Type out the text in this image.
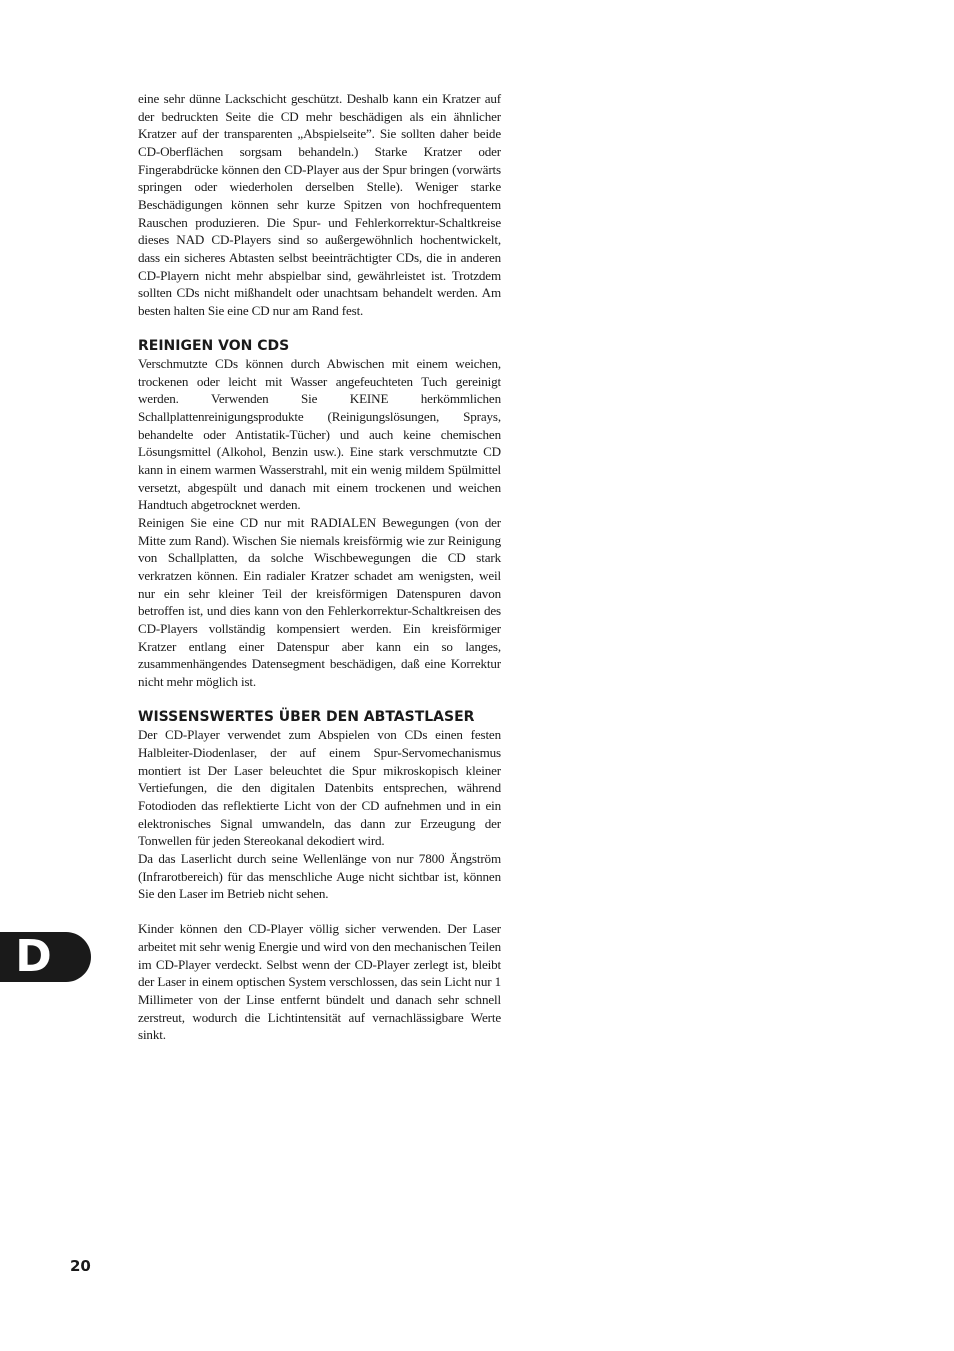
eine sehr dünne Lackschicht geschützt. Deshalb kann ein Kratzer auf der bedruckten Seite die CD mehr beschädigen als ein ähnlicher Kratzer auf der transparenten „Abspielseite”. Sie sollten daher beide CD-Oberflächen sorgsam behandeln.) Starke Kratzer oder Fingerabdrücke können den CD-Player aus der Spur bringen (vorwärts springen oder wiederholen derselben Stelle). Weniger starke Beschädigungen können sehr kurze Spitzen von hochfrequentem Rauschen produzieren. Die Spur- und Fehlerkorrektur-Schaltkreise dieses NAD CD-Players sind so außergewöhnlich hochentwickelt, dass ein sicheres Abtasten selbst beeinträchtigter CDs, die in anderen CD-Playern nicht mehr abspielbar sind, gewährleistet ist. Trotzdem sollten CDs nicht mißhandelt oder unachtsam behandelt werden. Am besten halten Sie eine CD nur am Rand fest.

REINIGEN VON CDS

Verschmutzte CDs können durch Abwischen mit einem weichen, trockenen oder leicht mit Wasser angefeuchteten Tuch gereinigt werden. Verwenden Sie KEINE herkömmlichen Schallplattenreinigungsprodukte (Reinigungslösungen, Sprays, behandelte oder Antistatik-Tücher) und auch keine chemischen Lösungsmittel (Alkohol, Benzin usw.). Eine stark verschmutzte CD kann in einem warmen Wasserstrahl, mit ein wenig mildem Spülmittel versetzt, abgespült und danach mit einem trockenen und weichen Handtuch abgetrocknet werden.

Reinigen Sie eine CD nur mit RADIALEN Bewegungen (von der Mitte zum Rand). Wischen Sie niemals kreisförmig wie zur Reinigung von Schallplatten, da solche Wischbewegungen die CD stark verkratzen können. Ein radialer Kratzer schadet am wenigsten, weil nur ein sehr kleiner Teil der kreisförmigen Datenspuren davon betroffen ist, und dies kann von den Fehlerkorrektur-Schaltkreisen des CD-Players vollständig kompensiert werden. Ein kreisförmiger Kratzer entlang einer Datenspur aber kann ein so langes, zusammenhängendes Datensegment beschädigen, daß eine Korrektur nicht mehr möglich ist.

WISSENSWERTES ÜBER DEN ABTASTLASER

Der CD-Player verwendet zum Abspielen von CDs einen festen Halbleiter-Diodenlaser, der auf einem Spur-Servomechanismus montiert ist Der Laser beleuchtet die Spur mikroskopisch kleiner Vertiefungen, die den digitalen Datenbits entsprechen, während Fotodioden das reflektierte Licht von der CD aufnehmen und in ein elektronisches Signal umwandeln, das dann zur Erzeugung der Tonwellen für jeden Stereokanal dekodiert wird.

Da das Laserlicht durch seine Wellenlänge von nur 7800 Ängström (Infrarotbereich) für das menschliche Auge nicht sichtbar ist, können Sie den Laser im Betrieb nicht sehen.

Kinder können den CD-Player völlig sicher verwenden. Der Laser arbeitet mit sehr wenig Energie und wird von den mechanischen Teilen im CD-Player verdeckt. Selbst wenn der CD-Player zerlegt ist, bleibt der Laser in einem optischen System verschlossen, das sein Licht nur 1 Millimeter von der Linse entfernt bündelt und danach sehr schnell zerstreut, wodurch die Lichtintensität auf vernachlässigbare Werte sinkt.

D
20
